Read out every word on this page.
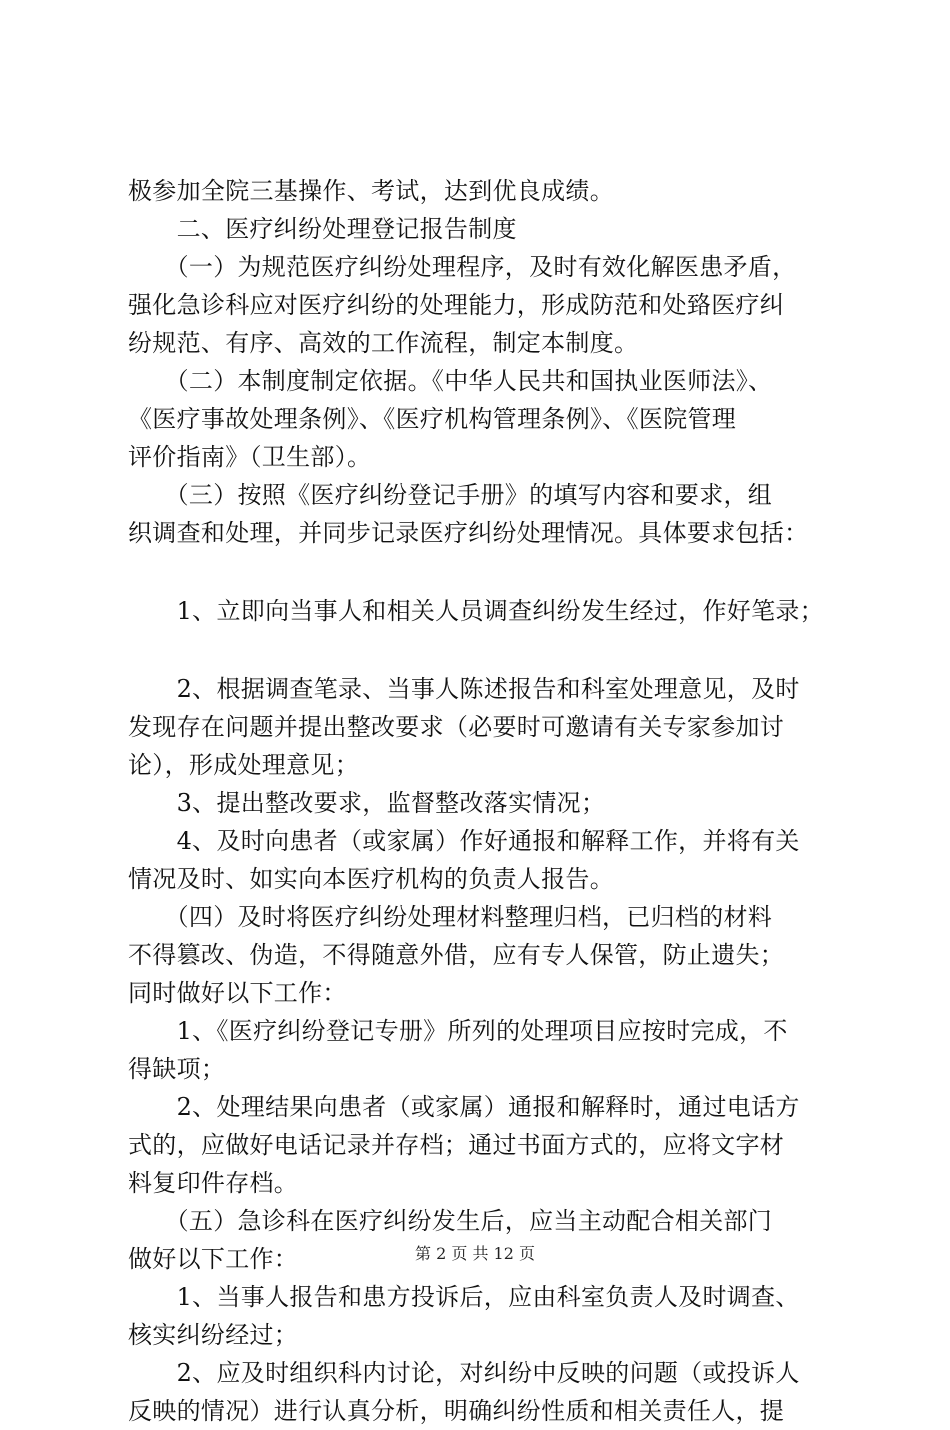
极参加全院三基操作、考试，达到优良成绩。
　　二、医疗纠纷处理登记报告制度
　　（一）为规范医疗纠纷处理程序，及时有效化解医患矛盾，
强化急诊科应对医疗纠纷的处理能力，形成防范和处臵医疗纠
纷规范、有序、高效的工作流程，制定本制度。
　　（二）本制度制定依据。《中华人民共和国执业医师法》、
《医疗事故处理条例》、《医疗机构管理条例》、《医院管理
评价指南》（卫生部）。
　　（三）按照《医疗纠纷登记手册》的填写内容和要求，组
织调查和处理，并同步记录医疗纠纷处理情况。具体要求包括：
　　1、立即向当事人和相关人员调查纠纷发生经过，作好笔录；
　　2、根据调查笔录、当事人陈述报告和科室处理意见，及时
发现存在问题并提出整改要求（必要时可邀请有关专家参加讨
论），形成处理意见；
　　3、提出整改要求，监督整改落实情况；
　　4、及时向患者（或家属）作好通报和解释工作，并将有关
情况及时、如实向本医疗机构的负责人报告。
　　（四）及时将医疗纠纷处理材料整理归档，已归档的材料
不得篡改、伪造，不得随意外借，应有专人保管，防止遗失；
同时做好以下工作：
　　1、《医疗纠纷登记专册》所列的处理项目应按时完成，不
得缺项；
　　2、处理结果向患者（或家属）通报和解释时，通过电话方
式的，应做好电话记录并存档；通过书面方式的，应将文字材
料复印件存档。
　　（五）急诊科在医疗纠纷发生后，应当主动配合相关部门
做好以下工作：
　　1、当事人报告和患方投诉后，应由科室负责人及时调查、
核实纠纷经过；
　　2、应及时组织科内讨论，对纠纷中反映的问题（或投诉人
反映的情况）进行认真分析，明确纠纷性质和相关责任人，提
第 2 页 共 12 页
